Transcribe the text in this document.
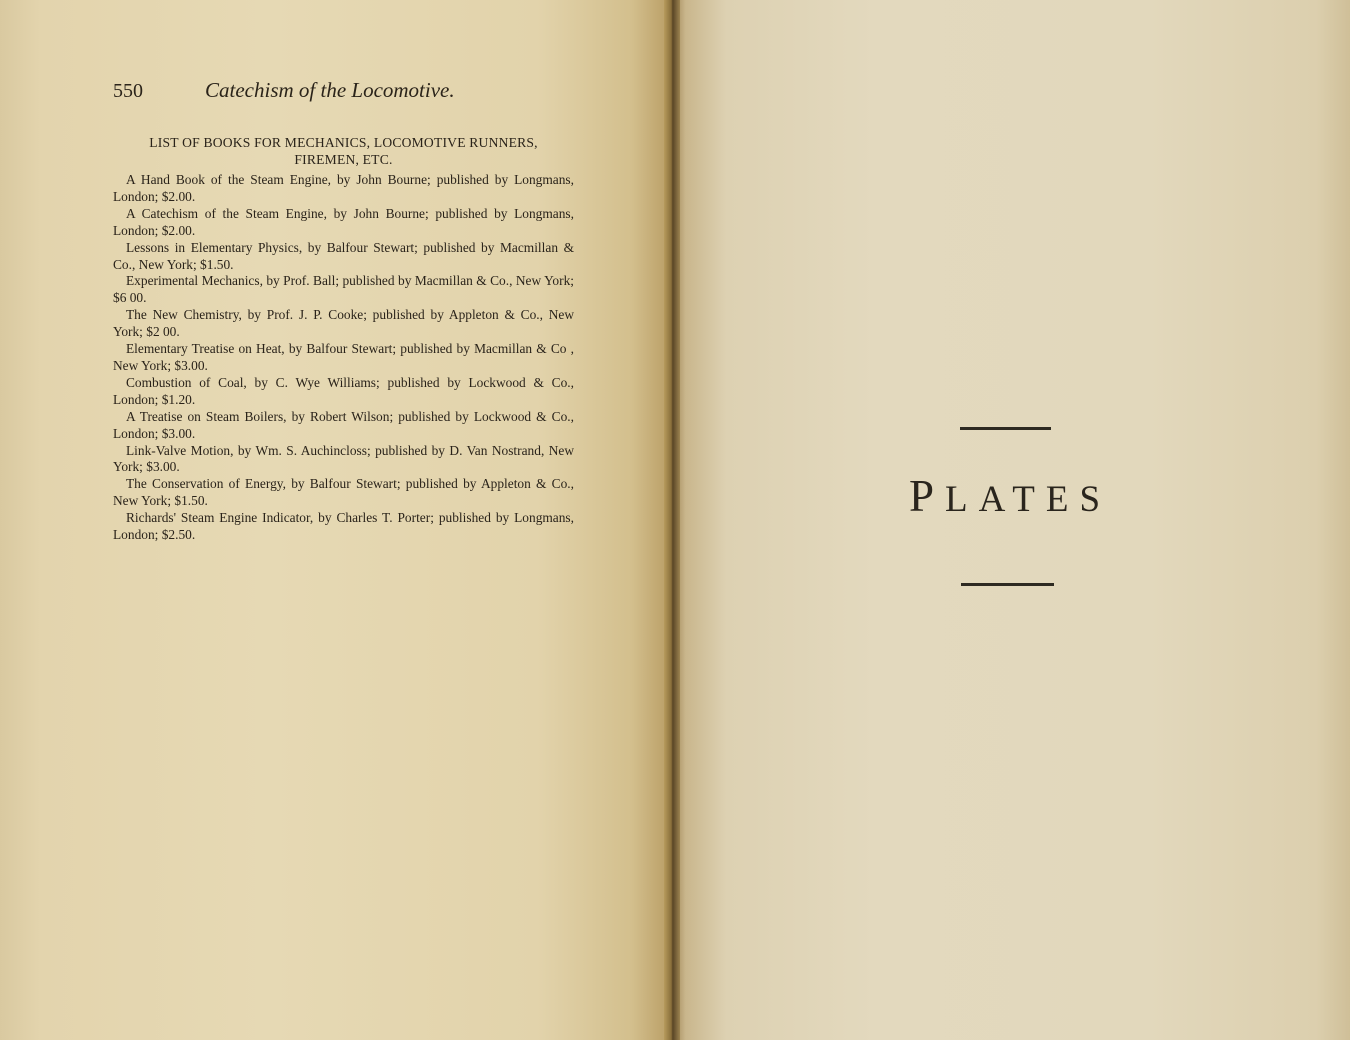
550	Catechism of the Locomotive.
LIST OF BOOKS FOR MECHANICS, LOCOMOTIVE RUNNERS,
FIREMEN, ETC.
A Hand Book of the Steam Engine, by John Bourne; published by Longmans, London; $2.00.
A Catechism of the Steam Engine, by John Bourne; published by Longmans, London; $2.00.
Lessons in Elementary Physics, by Balfour Stewart; published by Macmillan & Co., New York; $1.50.
Experimental Mechanics, by Prof. Ball; published by Macmillan & Co., New York; $6 00.
The New Chemistry, by Prof. J. P. Cooke; published by Appleton & Co., New York; $2 00.
Elementary Treatise on Heat, by Balfour Stewart; published by Macmillan & Co , New York; $3.00.
Combustion of Coal, by C. Wye Williams; published by Lockwood & Co., London; $1.20.
A Treatise on Steam Boilers, by Robert Wilson; published by Lockwood & Co., London; $3.00.
Link-Valve Motion, by Wm. S. Auchincloss; published by D. Van Nostrand, New York; $3.00.
The Conservation of Energy, by Balfour Stewart; published by Appleton & Co., New York; $1.50.
Richards' Steam Engine Indicator, by Charles T. Porter; published by Longmans, London; $2.50.
PLATES
